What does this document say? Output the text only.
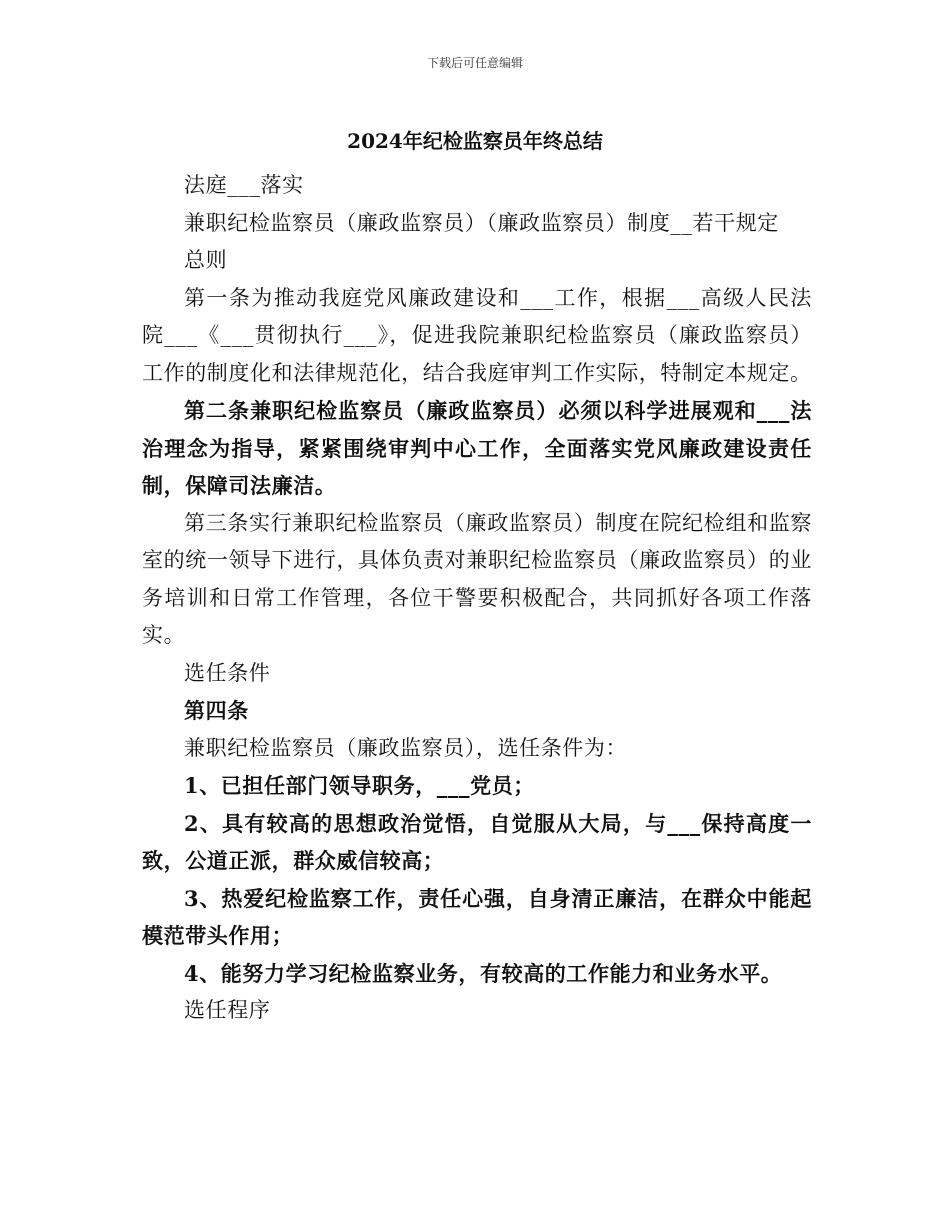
下载后可任意编辑
2024年纪检监察员年终总结

法庭___落实

兼职纪检监察员（廉政监察员）（廉政监察员）制度__若干规定

总则

第一条为推动我庭党风廉政建设和___工作，根据___高级人民法院___《___贯彻执行___》，促进我院兼职纪检监察员（廉政监察员）工作的制度化和法律规范化，结合我庭审判工作实际，特制定本规定。

第二条兼职纪检监察员（廉政监察员）必须以科学进展观和___法治理念为指导，紧紧围绕审判中心工作，全面落实党风廉政建设责任制，保障司法廉洁。

第三条实行兼职纪检监察员（廉政监察员）制度在院纪检组和监察室的统一领导下进行，具体负责对兼职纪检监察员（廉政监察员）的业务培训和日常工作管理，各位干警要积极配合，共同抓好各项工作落实。

选任条件

第四条

兼职纪检监察员（廉政监察员），选任条件为：

1、已担任部门领导职务，___党员；

2、具有较高的思想政治觉悟，自觉服从大局，与___保持高度一致，公道正派，群众威信较高；

3、热爱纪检监察工作，责任心强，自身清正廉洁，在群众中能起模范带头作用；

4、能努力学习纪检监察业务，有较高的工作能力和业务水平。

选任程序
